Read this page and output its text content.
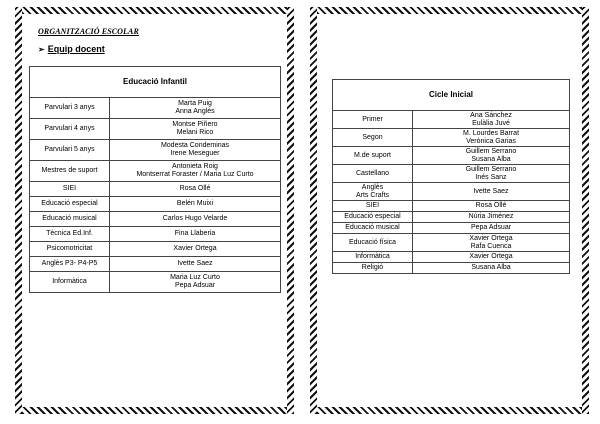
ORGANITZACIÓ ESCOLAR
➢ Equip docent
Educació Infantil	

Parvulari 3 anys	Marta Puig
Anna Anglès

Parvulari 4 anys	Montse Piñero
Melani Rico

Parvulari 5 anys	Modesta Condeminas
Irene Meseguer

Mestres de suport	Antonieta Roig
Montserrat Foraster / Maria Luz Curto

SIEI	Rosa Ollé

Educació especial	Belén Muixi

Educació musical	Carlos Hugo Velarde

Tècnica Ed.Inf.	Fina Llaberia

Psicomotricitat	Xavier Ortega

Anglès P3- P4-P5	Ivette Saez

Informàtica	Maria Luz Curto
Pepa Adsuar
Cicle Inicial	

Primer	Ana Sánchez
Eulàlia Juvé

Segon	M. Lourdes Barrat
Verònica Garias

M.de suport	Guillem Serrano
Susana Alba

Castellano	Guillem Serrano
Inés Sanz

Anglès
Arts Crafts	Ivette Saez

SIEI	Rosa Ollé

Educació especial	Núria Jiménez

Educació musical	Pepa Adsuar

Educació física	Xavier Ortega
Rafa Cuenca

Informàtica	Xavier Ortega

Religió	Susana Alba
